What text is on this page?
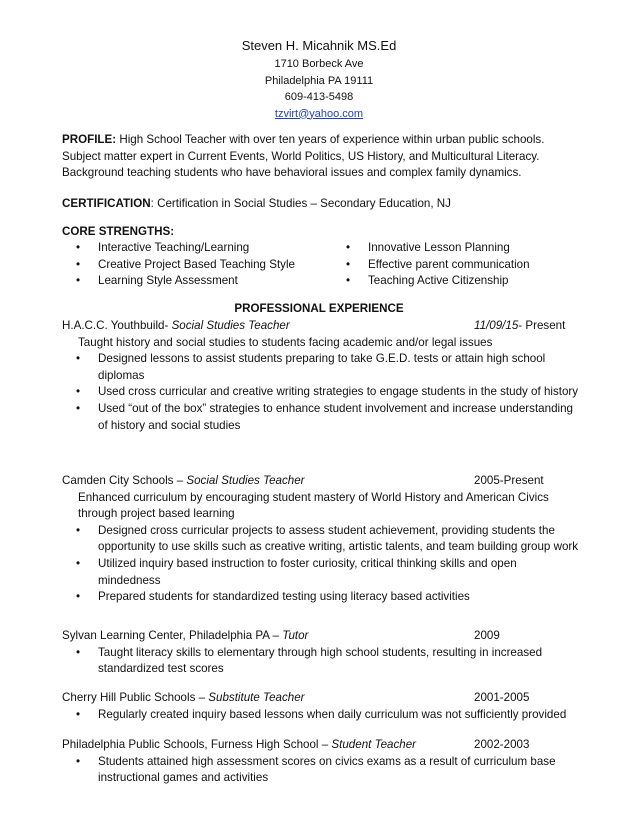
Steven H. Micahnik MS.Ed
1710 Borbeck Ave
Philadelphia PA 19111
609-413-5498
tzvirt@yahoo.com

PROFILE: High School Teacher with over ten years of experience within urban public schools. Subject matter expert in Current Events, World Politics, US History, and Multicultural Literacy. Background teaching students who have behavioral issues and complex family dynamics.

CERTIFICATION: Certification in Social Studies – Secondary Education, NJ

CORE STRENGTHS:
• Interactive Teaching/Learning
• Creative Project Based Teaching Style
• Learning Style Assessment
• Innovative Lesson Planning
• Effective parent communication
• Teaching Active Citizenship
PROFESSIONAL EXPERIENCE
H.A.C.C. Youthbuild- Social Studies Teacher	11/09/15- Present
Taught history and social studies to students facing academic and/or legal issues
• Designed lessons to assist students preparing to take G.E.D. tests or attain high school diplomas
• Used cross curricular and creative writing strategies to engage students in the study of history
• Used “out of the box” strategies to enhance student involvement and increase understanding of history and social studies
Camden City Schools – Social Studies Teacher	2005-Present
Enhanced curriculum by encouraging student mastery of World History and American Civics through project based learning
• Designed cross curricular projects to assess student achievement, providing students the opportunity to use skills such as creative writing, artistic talents, and team building group work
• Utilized inquiry based instruction to foster curiosity, critical thinking skills and open mindedness
• Prepared students for standardized testing using literacy based activities
Sylvan Learning Center, Philadelphia PA – Tutor	2009
• Taught literacy skills to elementary through high school students, resulting in increased standardized test scores
Cherry Hill Public Schools – Substitute Teacher	2001-2005
• Regularly created inquiry based lessons when daily curriculum was not sufficiently provided
Philadelphia Public Schools, Furness High School – Student Teacher	2002-2003
• Students attained high assessment scores on civics exams as a result of curriculum base instructional games and activities
